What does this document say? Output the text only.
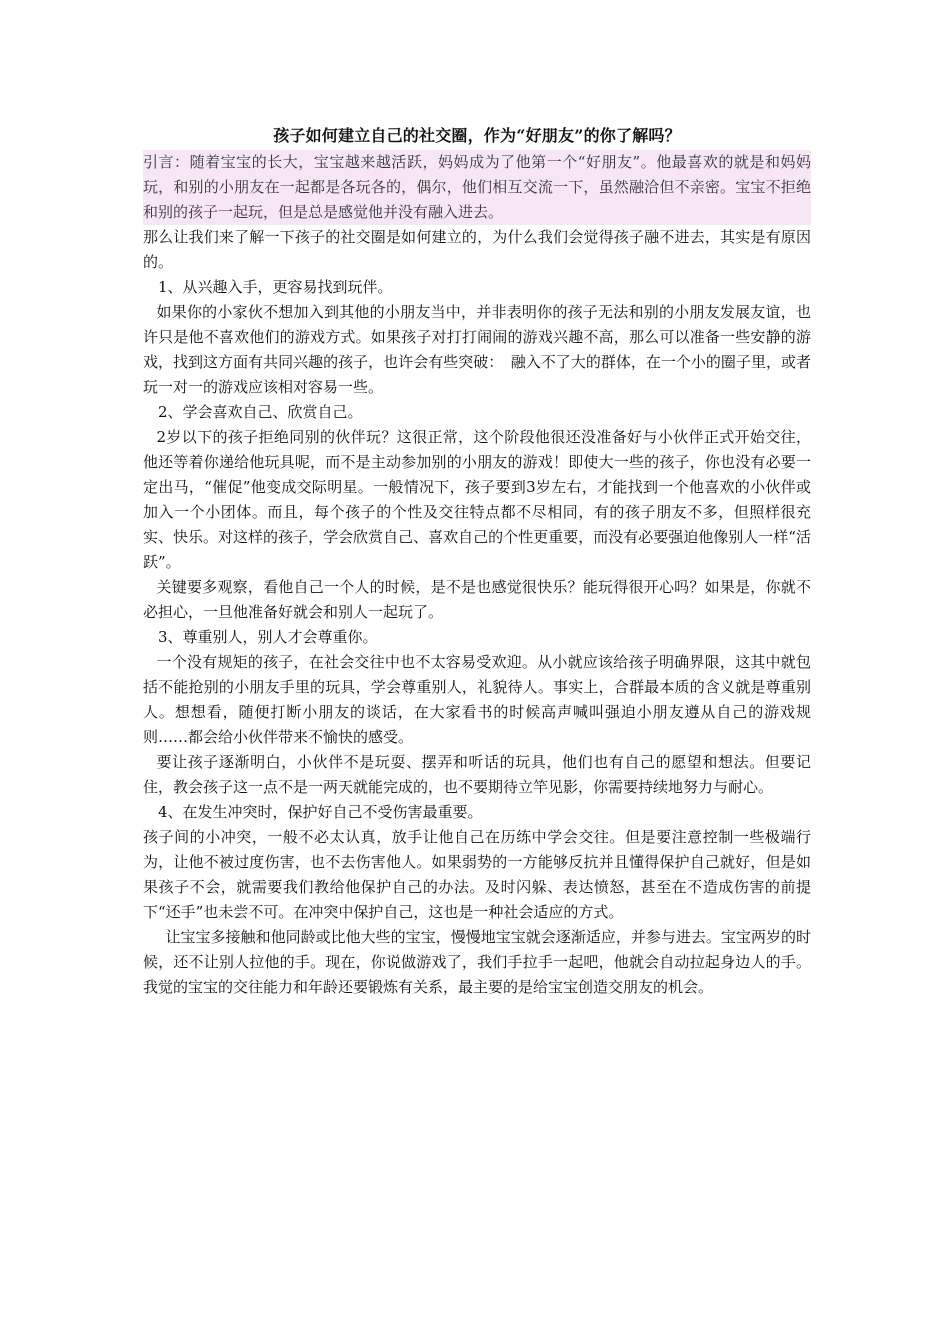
孩子如何建立自己的社交圈，作为“好朋友”的你了解吗？

引言：随着宝宝的长大，宝宝越来越活跃，妈妈成为了他第一个“好朋友”。他最喜欢的就是和妈妈玩，和别的小朋友在一起都是各玩各的，偶尔，他们相互交流一下，虽然融洽但不亲密。宝宝不拒绝和别的孩子一起玩，但是总是感觉他并没有融入进去。

那么让我们来了解一下孩子的社交圈是如何建立的，为什么我们会觉得孩子融不进去，其实是有原因的。

1、从兴趣入手，更容易找到玩伴。

如果你的小家伙不想加入到其他的小朋友当中，并非表明你的孩子无法和别的小朋友发展友谊，也许只是他不喜欢他们的游戏方式。如果孩子对打打闹闹的游戏兴趣不高，那么可以准备一些安静的游戏，找到这方面有共同兴趣的孩子，也许会有些突破：　融入不了大的群体，在一个小的圈子里，或者玩一对一的游戏应该相对容易一些。

2、学会喜欢自己、欣赏自己。

2岁以下的孩子拒绝同别的伙伴玩？这很正常，这个阶段他很还没准备好与小伙伴正式开始交往，他还等着你递给他玩具呢，而不是主动参加别的小朋友的游戏！即使大一些的孩子，你也没有必要一定出马，“催促”他变成交际明星。一般情况下，孩子要到3岁左右，才能找到一个他喜欢的小伙伴或加入一个小团体。而且，每个孩子的个性及交往特点都不尽相同，有的孩子朋友不多，但照样很充实、快乐。对这样的孩子，学会欣赏自己、喜欢自己的个性更重要，而没有必要强迫他像别人一样“活跃”。

关键要多观察，看他自己一个人的时候，是不是也感觉很快乐？能玩得很开心吗？如果是，你就不必担心，一旦他准备好就会和别人一起玩了。

3、尊重别人，别人才会尊重你。

一个没有规矩的孩子，在社会交往中也不太容易受欢迎。从小就应该给孩子明确界限，这其中就包括不能抢别的小朋友手里的玩具，学会尊重别人，礼貌待人。事实上，合群最本质的含义就是尊重别人。想想看，随便打断小朋友的谈话，在大家看书的时候高声喊叫强迫小朋友遵从自己的游戏规则……都会给小伙伴带来不愉快的感受。

要让孩子逐渐明白，小伙伴不是玩耍、摆弄和听话的玩具，他们也有自己的愿望和想法。但要记住，教会孩子这一点不是一两天就能完成的，也不要期待立竿见影，你需要持续地努力与耐心。

4、在发生冲突时，保护好自己不受伤害最重要。

孩子间的小冲突，一般不必太认真，放手让他自己在历练中学会交往。但是要注意控制一些极端行为，让他不被过度伤害，也不去伤害他人。如果弱势的一方能够反抗并且懂得保护自己就好，但是如果孩子不会，就需要我们教给他保护自己的办法。及时闪躲、表达愤怒，甚至在不造成伤害的前提下“还手”也未尝不可。在冲突中保护自己，这也是一种社会适应的方式。

让宝宝多接触和他同龄或比他大些的宝宝，慢慢地宝宝就会逐渐适应，并参与进去。宝宝两岁的时候，还不让别人拉他的手。现在，你说做游戏了，我们手拉手一起吧，他就会自动拉起身边人的手。我觉的宝宝的交往能力和年龄还要锻炼有关系，最主要的是给宝宝创造交朋友的机会。
